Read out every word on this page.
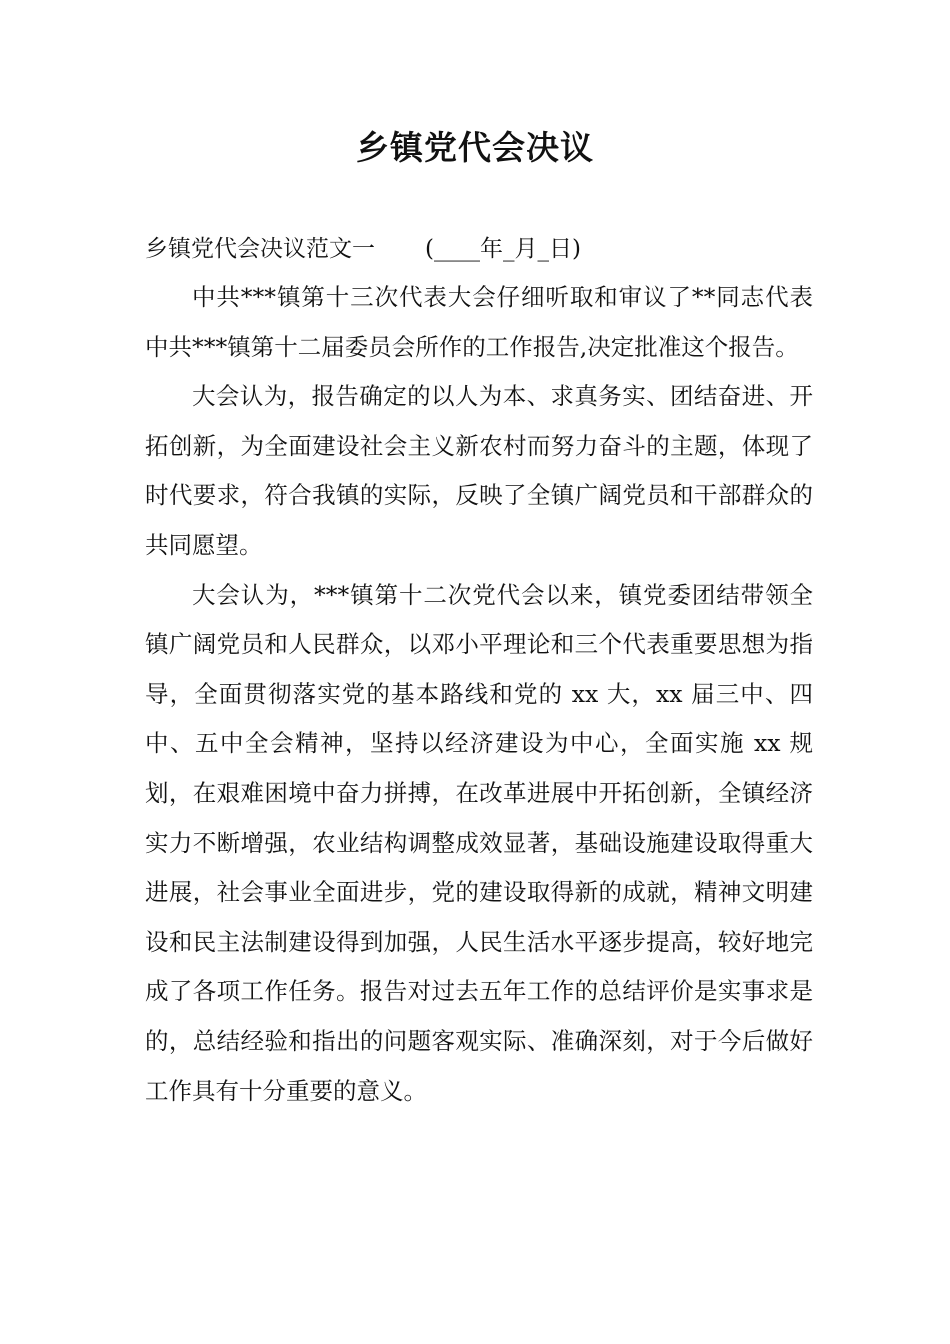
乡镇党代会决议
乡镇党代会决议范文一 (____年_月_日)

中共***镇第十三次代表大会仔细听取和审议了**同志代表中共***镇第十二届委员会所作的工作报告,决定批准这个报告。

大会认为，报告确定的以人为本、求真务实、团结奋进、开拓创新，为全面建设社会主义新农村而努力奋斗的主题，体现了时代要求，符合我镇的实际，反映了全镇广阔党员和干部群众的共同愿望。

大会认为，***镇第十二次党代会以来，镇党委团结带领全镇广阔党员和人民群众，以邓小平理论和三个代表重要思想为指导，全面贯彻落实党的基本路线和党的 xx 大，xx 届三中、四中、五中全会精神，坚持以经济建设为中心，全面实施 xx 规划，在艰难困境中奋力拼搏，在改革进展中开拓创新，全镇经济实力不断增强，农业结构调整成效显著，基础设施建设取得重大进展，社会事业全面进步，党的建设取得新的成就，精神文明建设和民主法制建设得到加强，人民生活水平逐步提高，较好地完成了各项工作任务。报告对过去五年工作的总结评价是实事求是的，总结经验和指出的问题客观实际、准确深刻，对于今后做好工作具有十分重要的意义。
